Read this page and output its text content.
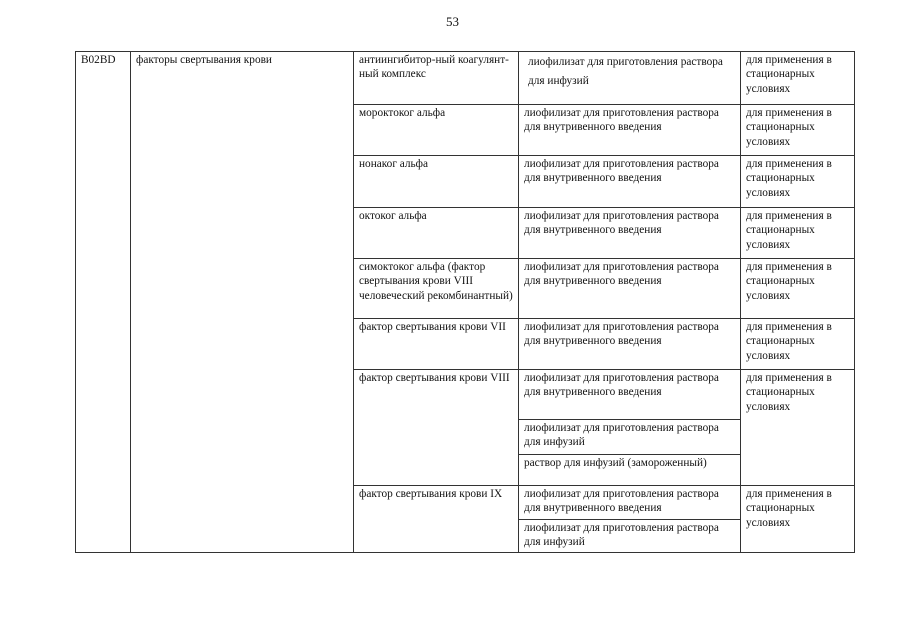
53
B02BD	факторы свертывания крови	антиингибитор-ный коагулянт-ный комплекс	лиофилизат для приготовления раствора для инфузий	для применения в стационарных условиях
		мороктоког альфа	лиофилизат для приготовления раствора для внутривенного введения	для применения в стационарных условиях
		нонаког альфа	лиофилизат для приготовления раствора для внутривенного введения	для применения в стационарных условиях
		октоког альфа	лиофилизат для приготовления раствора для внутривенного введения	для применения в стационарных условиях
		симоктоког альфа (фактор свертывания крови VIII человеческий рекомбинантный)	лиофилизат для приготовления раствора для внутривенного введения	для применения в стационарных условиях
		фактор свертывания крови VII	лиофилизат для приготовления раствора для внутривенного введения	для применения в стационарных условиях
		фактор свертывания крови VIII	лиофилизат для приготовления раствора для внутривенного введения	для применения в стационарных условиях
			лиофилизат для приготовления раствора для инфузий	
			раствор для инфузий (замороженный)	
		фактор свертывания крови IX	лиофилизат для приготовления раствора для внутривенного введения	для применения в стационарных условиях
			лиофилизат для приготовления раствора для инфузий	
